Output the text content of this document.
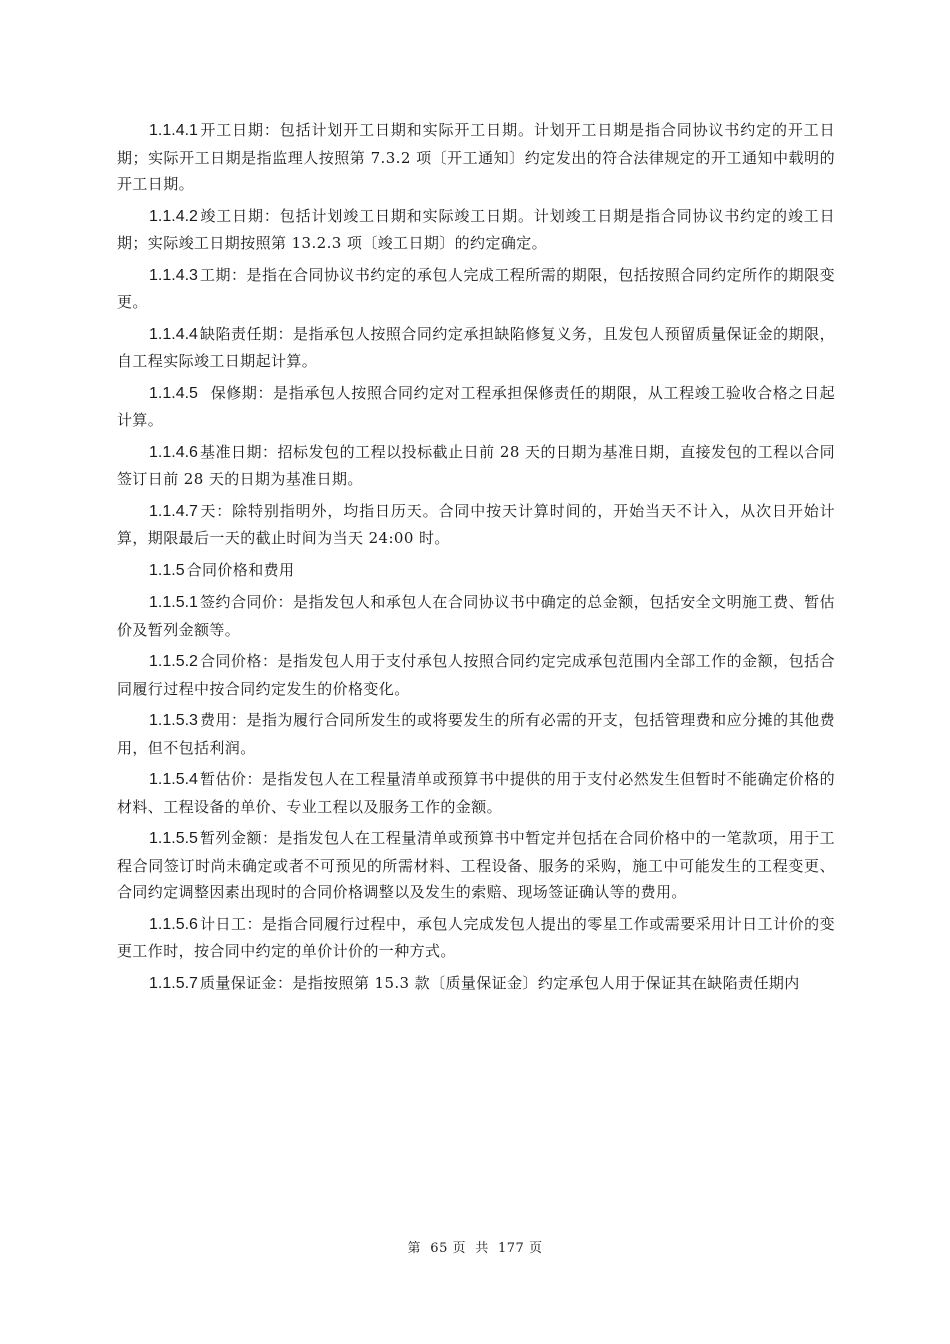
1.1.4.1 开工日期：包括计划开工日期和实际开工日期。计划开工日期是指合同协议书约定的开工日期；实际开工日期是指监理人按照第 7.3.2 项〔开工通知〕约定发出的符合法律规定的开工通知中载明的开工日期。

1.1.4.2 竣工日期：包括计划竣工日期和实际竣工日期。计划竣工日期是指合同协议书约定的竣工日期；实际竣工日期按照第 13.2.3 项〔竣工日期〕的约定确定。

1.1.4.3 工期：是指在合同协议书约定的承包人完成工程所需的期限，包括按照合同约定所作的期限变更。

1.1.4.4 缺陷责任期：是指承包人按照合同约定承担缺陷修复义务，且发包人预留质量保证金的期限，自工程实际竣工日期起计算。

1.1.4.5  保修期：是指承包人按照合同约定对工程承担保修责任的期限，从工程竣工验收合格之日起计算。

1.1.4.6 基准日期：招标发包的工程以投标截止日前 28 天的日期为基准日期，直接发包的工程以合同签订日前 28 天的日期为基准日期。

1.1.4.7 天：除特别指明外，均指日历天。合同中按天计算时间的，开始当天不计入，从次日开始计算，期限最后一天的截止时间为当天 24:00 时。

1.1.5 合同价格和费用

1.1.5.1 签约合同价：是指发包人和承包人在合同协议书中确定的总金额，包括安全文明施工费、暂估价及暂列金额等。

1.1.5.2 合同价格：是指发包人用于支付承包人按照合同约定完成承包范围内全部工作的金额，包括合同履行过程中按合同约定发生的价格变化。

1.1.5.3 费用：是指为履行合同所发生的或将要发生的所有必需的开支，包括管理费和应分摊的其他费用，但不包括利润。

1.1.5.4 暂估价：是指发包人在工程量清单或预算书中提供的用于支付必然发生但暂时不能确定价格的材料、工程设备的单价、专业工程以及服务工作的金额。

1.1.5.5 暂列金额：是指发包人在工程量清单或预算书中暂定并包括在合同价格中的一笔款项，用于工程合同签订时尚未确定或者不可预见的所需材料、工程设备、服务的采购，施工中可能发生的工程变更、合同约定调整因素出现时的合同价格调整以及发生的索赔、现场签证确认等的费用。

1.1.5.6 计日工：是指合同履行过程中，承包人完成发包人提出的零星工作或需要采用计日工计价的变更工作时，按合同中约定的单价计价的一种方式。

1.1.5.7 质量保证金：是指按照第 15.3 款〔质量保证金〕约定承包人用于保证其在缺陷责任期内

第  65 页  共  177 页
